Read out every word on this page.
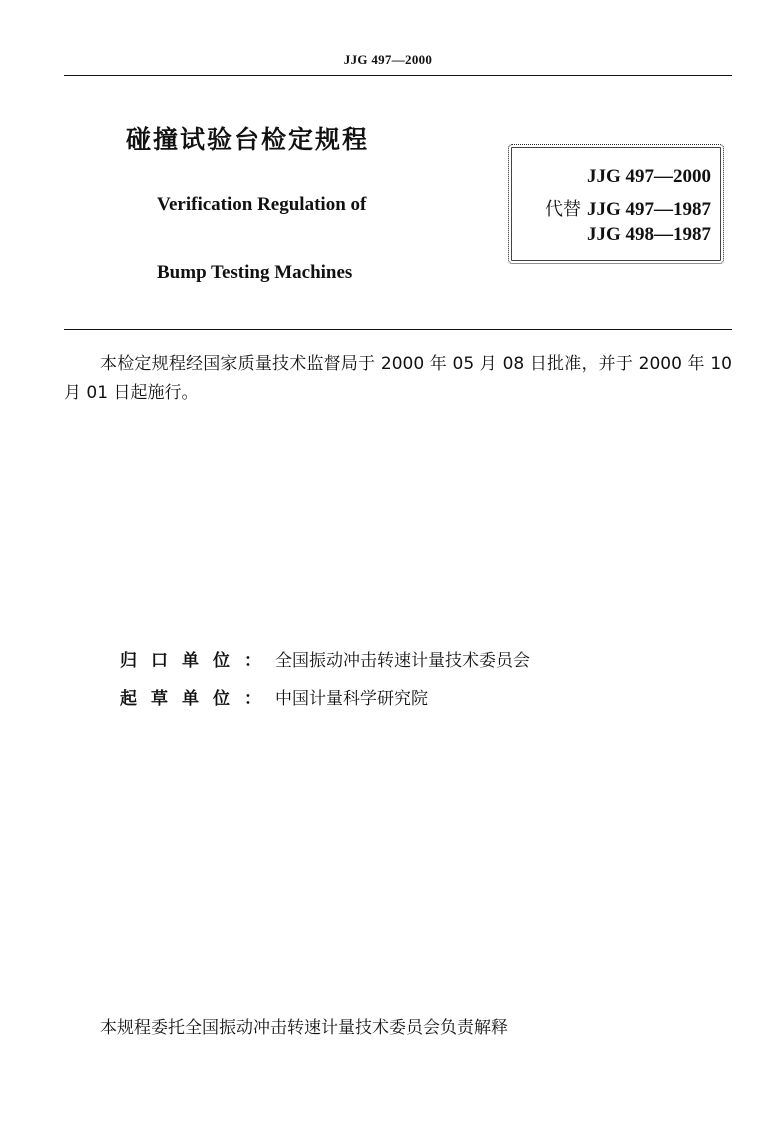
JJG 497—2000
碰撞试验台检定规程
Verification Regulation of
Bump Testing Machines
JJG 497—2000
代替 JJG 497—1987
JJG 498—1987
本检定规程经国家质量技术监督局于 2000 年 05 月 08 日批准，并于 2000 年 10 月 01 日起施行。
归口单位：全国振动冲击转速计量技术委员会
起草单位：中国计量科学研究院
本规程委托全国振动冲击转速计量技术委员会负责解释
